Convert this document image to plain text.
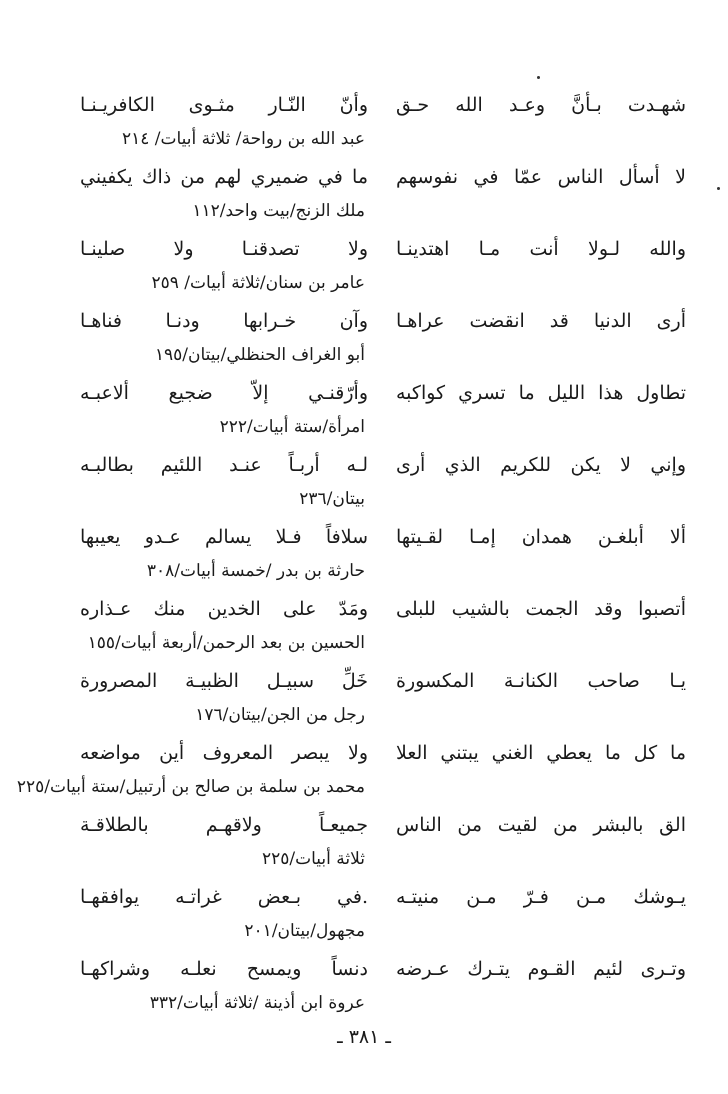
شهـدت بـأنَّ وعـد الله حـق
وأنّ النّـار مثـوى الكافريـنـا
عبد الله بن رواحة/ ثلاثة أبيات/ ٢١٤
لا أسأل الناس عمّا في نفوسهم
ما في ضميري لهم من ذاك يكفيني
ملك الزنج/بيت واحد/١١٢
والله لـولا أنت مـا اهتدينـا
ولا تصدقنـا ولا صلينـا
عامر بن سنان/ثلاثة أبيات/ ٢٥٩
أرى الدنيا قد انقضت عراهـا
وآن خـرابها ودنـا فناهـا
أبو الغراف الحنظلي/بيتان/١٩٥
تطاول هذا الليل ما تسري كواكبه
وأرّقنـي إلاّ ضجيع ألاعبـه
امرأة/ستة أبيات/٢٢٢
وإني لا يكن للكريم الذي أرى
لـه أربـاً عنـد اللئيم بطالبـه
بيتان/٢٣٦
ألا أبلغـن همدان إمـا لقـيتها
سلافاً فـلا يسالم عـدو يعيبها
حارثة بن بدر /خمسة أبيات/٣٠٨
أتصبوا وقد الجمت بالشيب للبلى
ومَدّ على الخدين منك عـذاره
الحسين بن بعد الرحمن/أربعة أبيات/١٥٥
يـا صاحب الكنانـة المكسورة
خَلِّ سبيـل الظبيـة المصرورة
رجل من الجن/بيتان/١٧٦
ما كل ما يعطي الغني يبتني العلا
ولا يبصر المعروف أين مواضعه
محمد بن سلمة بن صالح بن أرتبيل/ستة أبيات/٢٢٥
الق بالبشر من لقيت من الناس
جميعـاً ولاقهـم بالطلاقـة
ثلاثة أبيات/٢٢٥
يـوشك مـن فـرّ مـن منيتـه
.في بـعض غراتـه يوافقهـا
مجهول/بيتان/٢٠١
وتـرى لئيم القـوم يتـرك عـرضه
دنساً ويمسح نعلـه وشراكهـا
عروة ابن أذينة /ثلاثة أبيات/٣٣٢
ـ ٣٨١ ـ
